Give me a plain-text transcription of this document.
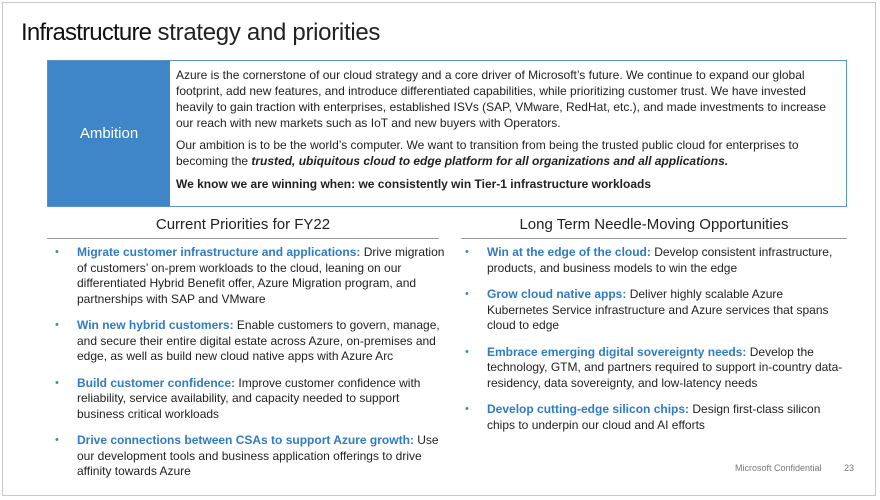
Infrastructure strategy and priorities
Ambition

Azure is the cornerstone of our cloud strategy and a core driver of Microsoft’s future. We continue to expand our global footprint, add new features, and introduce differentiated capabilities, while prioritizing customer trust. We have invested heavily to gain traction with enterprises, established ISVs (SAP, VMware, RedHat, etc.), and made investments to increase our reach with new markets such as IoT and new buyers with Operators.

Our ambition is to be the world’s computer. We want to transition from being the trusted public cloud for enterprises to becoming the trusted, ubiquitous cloud to edge platform for all organizations and all applications.

We know we are winning when: we consistently win Tier-1 infrastructure workloads

Current Priorities for FY22	Long Term Needle-Moving Opportunities
• Migrate customer infrastructure and applications: Drive migration of customers’ on-prem workloads to the cloud, leaning on our differentiated Hybrid Benefit offer, Azure Migration program, and partnerships with SAP and VMware
• Win new hybrid customers: Enable customers to govern, manage, and secure their entire digital estate across Azure, on-premises and edge, as well as build new cloud native apps with Azure Arc
• Build customer confidence: Improve customer confidence with reliability, service availability, and capacity needed to support business critical workloads
• Drive connections between CSAs to support Azure growth: Use our development tools and business application offerings to drive affinity towards Azure
• Win at the edge of the cloud: Develop consistent infrastructure, products, and business models to win the edge
• Grow cloud native apps: Deliver highly scalable Azure Kubernetes Service infrastructure and Azure services that spans cloud to edge
• Embrace emerging digital sovereignty needs: Develop the technology, GTM, and partners required to support in-country data-residency, data sovereignty, and low-latency needs
• Develop cutting-edge silicon chips: Design first-class silicon chips to underpin our cloud and AI efforts
Microsoft Confidential 23
